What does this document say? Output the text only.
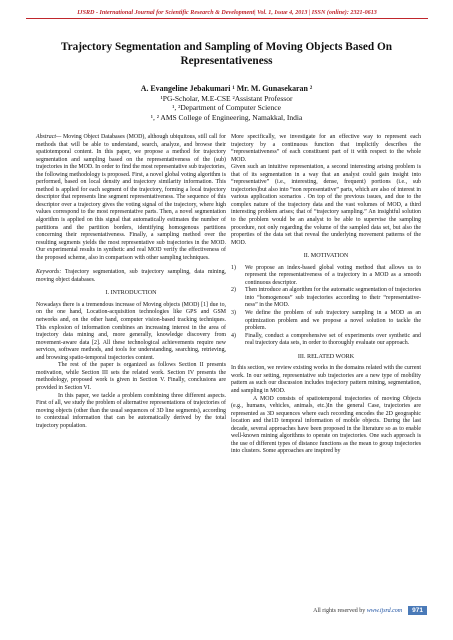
IJSRD - International Journal for Scientific Research & Development| Vol. 1, Issue 4, 2013 | ISSN (online): 2321-0613
Trajectory Segmentation and Sampling of Moving Objects Based On Representativeness
A. Evangeline Jebakumari ¹ Mr. M. Gunasekaran ²
¹PG-Scholar, M.E-CSE ²Assistant Professor
¹, ²Department of Computer Science
¹, ² AMS College of Engineering, Namakkal, India

Abstract— Moving Object Databases (MOD), although ubiquitous, still call for methods that will be able to understand, search, analyze, and browse their spatiotemporal content. In this paper, we propose a method for trajectory segmentation and sampling based on the representativeness of the (sub) trajectories in the MOD. In order to find the most representative sub trajectories, the following methodology is proposed. First, a novel global voting algorithm is performed, based on local density and trajectory similarity information. This method is applied for each segment of the trajectory, forming a local trajectory descriptor that represents line segment representativeness. The sequence of this descriptor over a trajectory gives the voting signal of the trajectory, where high values correspond to the most representative parts. Then, a novel segmentation algorithm is applied on this signal that automatically estimates the number of partitions and the partition borders, identifying homogenous partitions concerning their representativeness. Finally, a sampling method over the resulting segments yields the most representative sub trajectories in the MOD. Our experimental results in synthetic and real MOD verify the effectiveness of the proposed scheme, also in comparison with other sampling techniques.

Keywords: Trajectory segmentation, sub trajectory sampling, data mining, moving object databases.

I. INTRODUCTION

Nowadays there is a tremendous increase of Moving objects (MOD) [1] due to, on the one hand, Location-acquisition technologies like GPS and GSM networks and, on the other hand, computer vision-based tracking techniques. This explosion of information combines an increasing interest in the area of trajectory data mining and, more generally, knowledge discovery from movement-aware data [2]. All these technological achievements require new services, software methods, and tools for understanding, searching, retrieving, and browsing spatio-temporal trajectories content.

The rest of the paper is organized as follows Section II presents motivation, while Section III sets the related work. Section IV presents the methodology, proposed work is given in Section V. Finally, conclusions are provided in Section VI.

In this paper, we tackle a problem combining three different aspects. First of all, we study the problem of alternative representations of trajectories of moving objects (other than the usual sequences of 3D line segments), according to contextual information that can be automatically derived by the total trajectory population.

More specifically, we investigate for an effective way to represent each trajectory by a continuous function that implicitly describes the “representativeness” of each constituent part of it with respect to the whole MOD.

Given such an intuitive representation, a second interesting arising problem is that of its segmentation in a way that an analyst could gain insight into “representative” (i.e., interesting, dense, frequent) portions (i.e., sub trajectories)but also into “non representative” parts, which are also of interest in various application scenarios . On top of the previous issues, and due to the complex nature of the trajectory data and the vast volumes of MOD, a third interesting problem arises; that of “trajectory sampling.” An insightful solution to the problem would be an analyst to be able to supervise the sampling procedure, not only regarding the volume of the sampled data set, but also the properties of the data set that reveal the underlying movement patterns of the MOD.

II. MOTIVATION
1)	We propose an index-based global voting method that allows us to represent the representativeness of a trajectory in a MOD as a smooth continuous descriptor.
2)	Then introduce an algorithm for the automatic segmentation of trajectories into “homogenous” sub trajectories according to their “representative-ness” in the MOD.
3)	We define the problem of sub trajectory sampling in a MOD as an optimization problem and we propose a novel solution to tackle the problem.
4)	Finally, conduct a comprehensive set of experiments over synthetic and real trajectory data sets, in order to thoroughly evaluate our approach.
III. RELATED WORK

In this section, we review existing works in the domains related with the current work. In our setting, representative sub trajectories are a new type of mobility pattern as such our discussion includes trajectory pattern mining, segmentation, and sampling in MOD.

A MOD consists of spatiotemporal trajectories of moving Objects (e.g., humans, vehicles, animals, etc.)In the general Case, trajectories are represented as 3D sequences where each recording encodes the 2D geographic location and the1D temporal information of mobile objects. During the last decade, several approaches have been proposed in the literature so as to enable well-known mining algorithms to operate on trajectories. One such approach is the use of different types of distance functions as the mean to group trajectories into clusters. Some approaches are inspired by

All rights reserved by www.ijsrd.com	971
